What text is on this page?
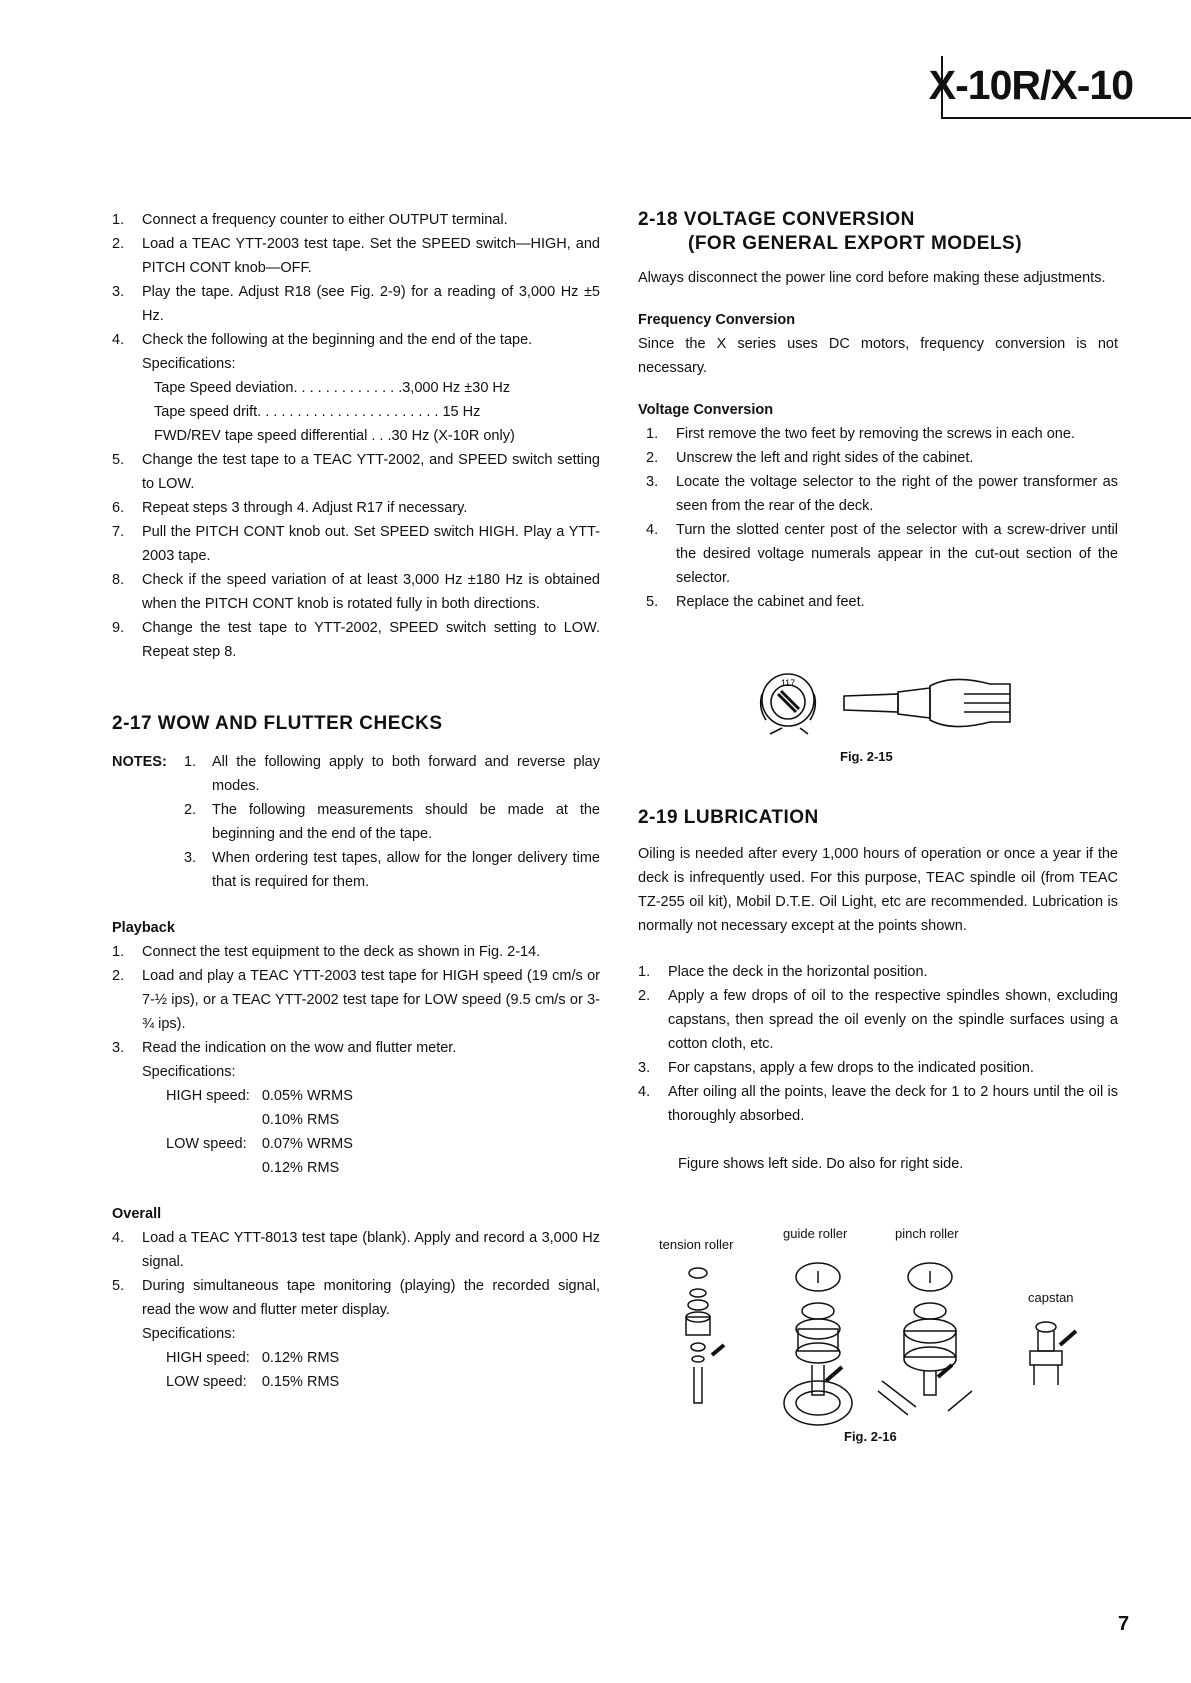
X-10R/X-10
1. Connect a frequency counter to either OUTPUT terminal.
2. Load a TEAC YTT-2003 test tape. Set the SPEED switch—HIGH, and PITCH CONT knob—OFF.
3. Play the tape. Adjust R18 (see Fig. 2-9) for a reading of 3,000 Hz ±5 Hz.
4. Check the following at the beginning and the end of the tape.
Specifications:
Tape Speed deviation. . . . . . . . . . . . . .3,000 Hz ±30 Hz
Tape speed drift. . . . . . . . . . . . . . . . . . . . . . . 15 Hz
FWD/REV tape speed differential . . .30 Hz (X-10R only)
5. Change the test tape to a TEAC YTT-2002, and SPEED switch setting to LOW.
6. Repeat steps 3 through 4. Adjust R17 if necessary.
7. Pull the PITCH CONT knob out. Set SPEED switch HIGH. Play a YTT-2003 tape.
8. Check if the speed variation of at least 3,000 Hz ±180 Hz is obtained when the PITCH CONT knob is rotated fully in both directions.
9. Change the test tape to YTT-2002, SPEED switch setting to LOW. Repeat step 8.
2-17 WOW AND FLUTTER CHECKS
NOTES:	1. All the following apply to both forward and reverse play modes.
2. The following measurements should be made at the beginning and the end of the tape.
3. When ordering test tapes, allow for the longer delivery time that is required for them.
Playback
1. Connect the test equipment to the deck as shown in Fig. 2-14.
2. Load and play a TEAC YTT-2003 test tape for HIGH speed (19 cm/s or 7-½ ips), or a TEAC YTT-2002 test tape for LOW speed (9.5 cm/s or 3-¾ ips).
3. Read the indication on the wow and flutter meter.
Specifications:
HIGH speed:	0.05% WRMS
	0.10% RMS
LOW speed:	0.07% WRMS
	0.12% RMS
Overall
4. Load a TEAC YTT-8013 test tape (blank). Apply and record a 3,000 Hz signal.
5. During simultaneous tape monitoring (playing) the recorded signal, read the wow and flutter meter display.
Specifications:
HIGH speed:	0.12% RMS
LOW speed:	0.15% RMS
2-18 VOLTAGE CONVERSION
(FOR GENERAL EXPORT MODELS)
Always disconnect the power line cord before making these adjustments.
Frequency Conversion
Since the X series uses DC motors, frequency conversion is not necessary.
Voltage Conversion
1. First remove the two feet by removing the screws in each one.
2. Unscrew the left and right sides of the cabinet.
3. Locate the voltage selector to the right of the power transformer as seen from the rear of the deck.
4. Turn the slotted center post of the selector with a screw-driver until the desired voltage numerals appear in the cut-out section of the selector.
5. Replace the cabinet and feet.
117
Fig. 2-15
2-19 LUBRICATION
Oiling is needed after every 1,000 hours of operation or once a year if the deck is infrequently used. For this purpose, TEAC spindle oil (from TEAC TZ-255 oil kit), Mobil D.T.E. Oil Light, etc are recommended. Lubrication is normally not necessary except at the points shown.
1. Place the deck in the horizontal position.
2. Apply a few drops of oil to the respective spindles shown, excluding capstans, then spread the oil evenly on the spindle surfaces using a cotton cloth, etc.
3. For capstans, apply a few drops to the indicated position.
4. After oiling all the points, leave the deck for 1 to 2 hours until the oil is thoroughly absorbed.
Figure shows left side. Do also for right side.
tension roller
guide roller	pinch roller
capstan
Fig. 2-16
7
